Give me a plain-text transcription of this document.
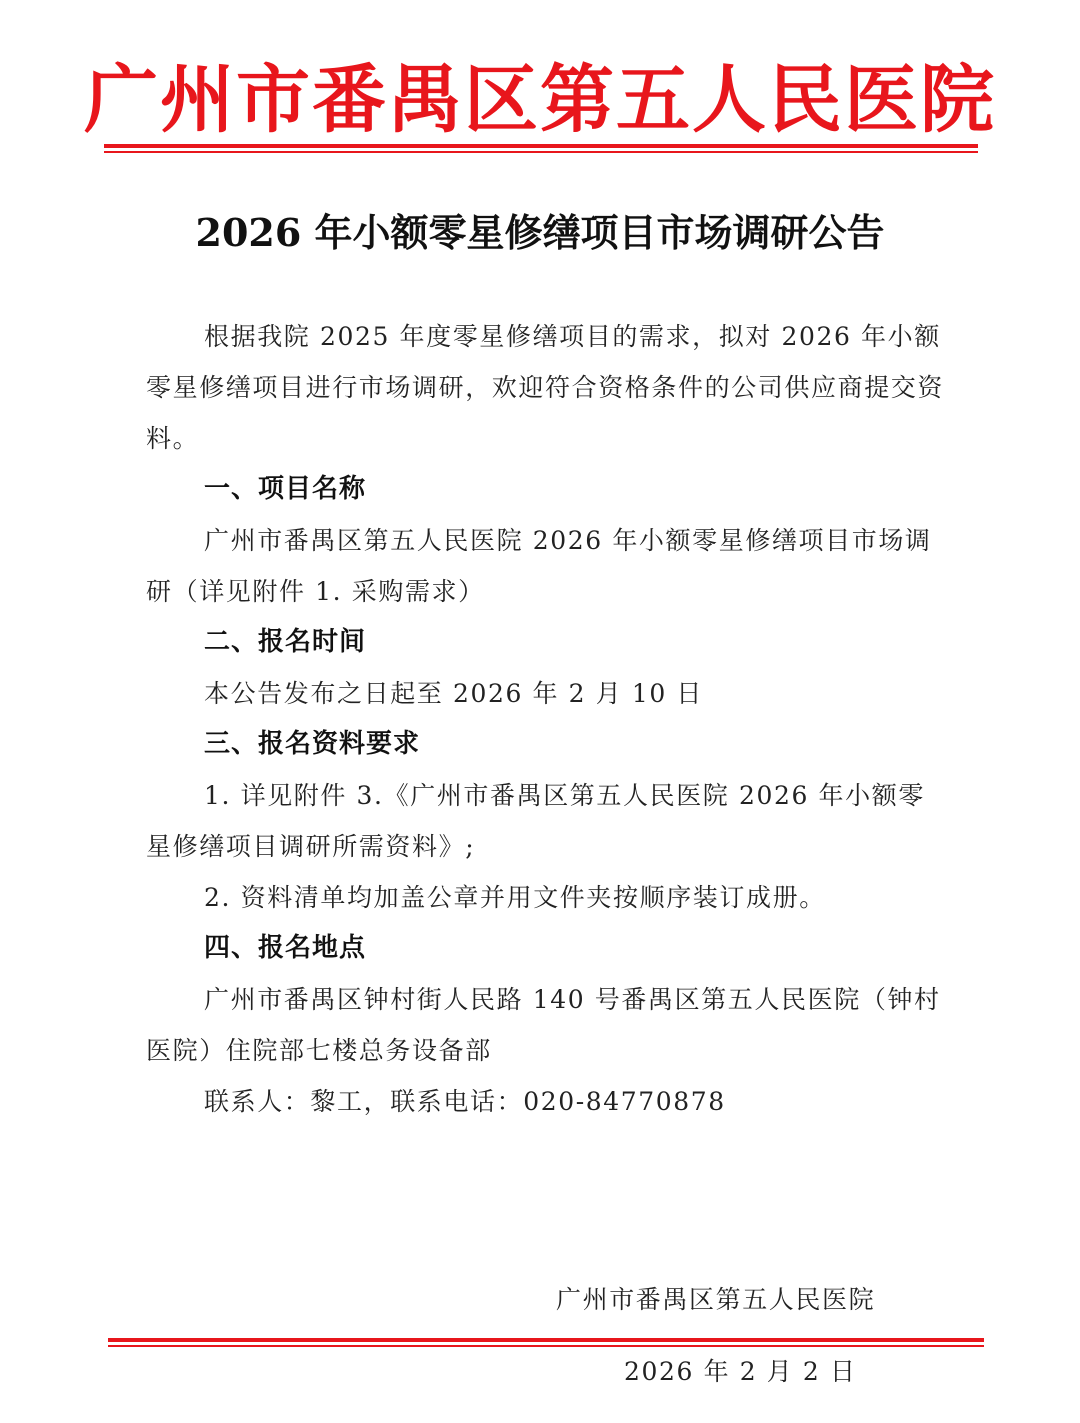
广州市番禺区第五人民医院
2026 年小额零星修缮项目市场调研公告

根据我院 2025 年度零星修缮项目的需求，拟对 2026 年小额零星修缮项目进行市场调研，欢迎符合资格条件的公司供应商提交资料。

一、项目名称

广州市番禺区第五人民医院 2026 年小额零星修缮项目市场调研（详见附件 1. 采购需求）

二、报名时间

本公告发布之日起至 2026 年 2 月 10 日

三、报名资料要求

1. 详见附件 3.《广州市番禺区第五人民医院 2026 年小额零星修缮项目调研所需资料》;

2. 资料清单均加盖公章并用文件夹按顺序装订成册。

四、报名地点

广州市番禺区钟村街人民路 140 号番禺区第五人民医院（钟村医院）住院部七楼总务设备部

联系人：黎工，联系电话：020-84770878

广州市番禺区第五人民医院
2026 年 2 月 2 日
